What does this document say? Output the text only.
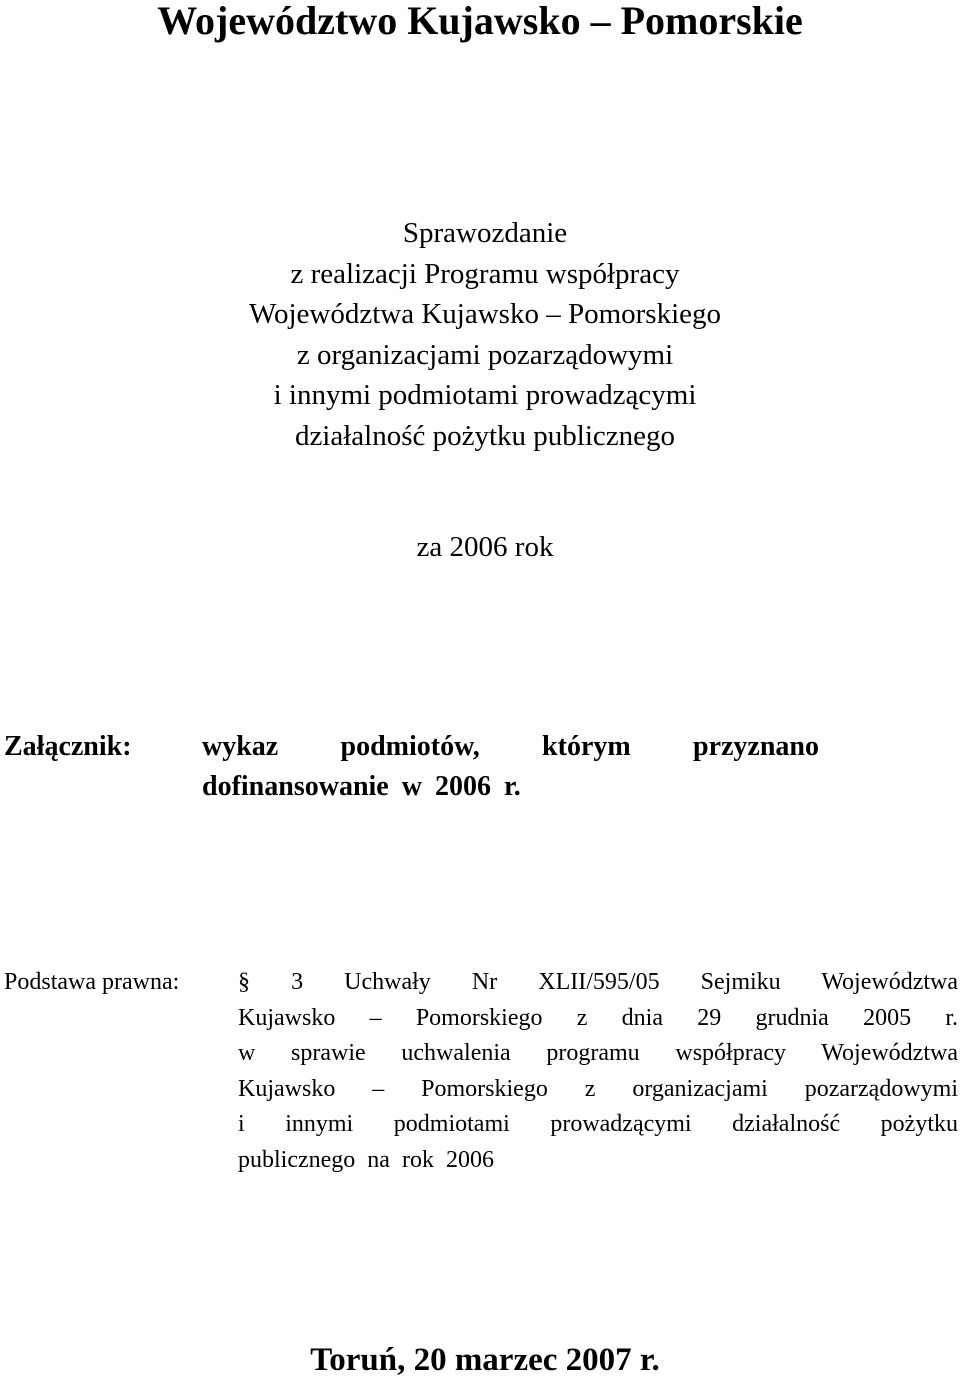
Województwo Kujawsko – Pomorskie
Sprawozdanie
z realizacji Programu współpracy
Województwa Kujawsko – Pomorskiego
z organizacjami pozarządowymi
i innymi podmiotami prowadzącymi
działalność pożytku publicznego
za 2006 rok
Załącznik:	wykaz podmiotów, którym przyznano
dofinansowanie w 2006 r.
Podstawa prawna: § 3 Uchwały Nr XLII/595/05 Sejmiku Województwa
Kujawsko – Pomorskiego z dnia 29 grudnia 2005 r.
w sprawie uchwalenia programu współpracy Województwa
Kujawsko – Pomorskiego z organizacjami pozarządowymi
i innymi podmiotami prowadzącymi działalność pożytku
publicznego na rok 2006
Toruń, 20 marzec 2007 r.
